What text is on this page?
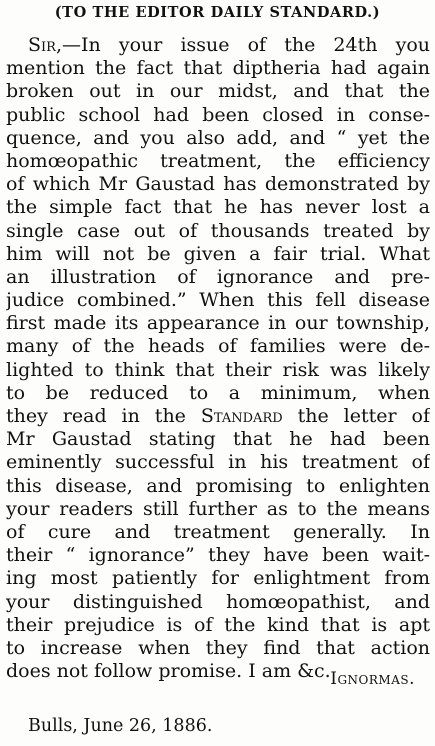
(TO THE EDITOR DAILY STANDARD.)
Sir,—In your issue of the 24th you
mention the fact that diptheria had again
broken out in our midst, and that the
public school had been closed in conse-
quence, and you also add, and “ yet the
homœopathic treatment, the efficiency
of which Mr Gaustad has demonstrated by
the simple fact that he has never lost a
single case out of thousands treated by
him will not be given a fair trial. What
an illustration of ignorance and pre-
judice combined.” When this fell disease
first made its appearance in our township,
many of the heads of families were de-
lighted to think that their risk was likely
to be reduced to a minimum, when
they read in the Standard the letter of
Mr Gaustad stating that he had been
eminently successful in his treatment of
this disease, and promising to enlighten
your readers still further as to the means
of cure and treatment generally. In
their “ ignorance” they have been wait-
ing most patiently for enlightment from
your distinguished homœopathist, and
their prejudice is of the kind that is apt
to increase when they find that action
does not follow promise. I am &c. Ignormas.
Bulls, June 26, 1886.
